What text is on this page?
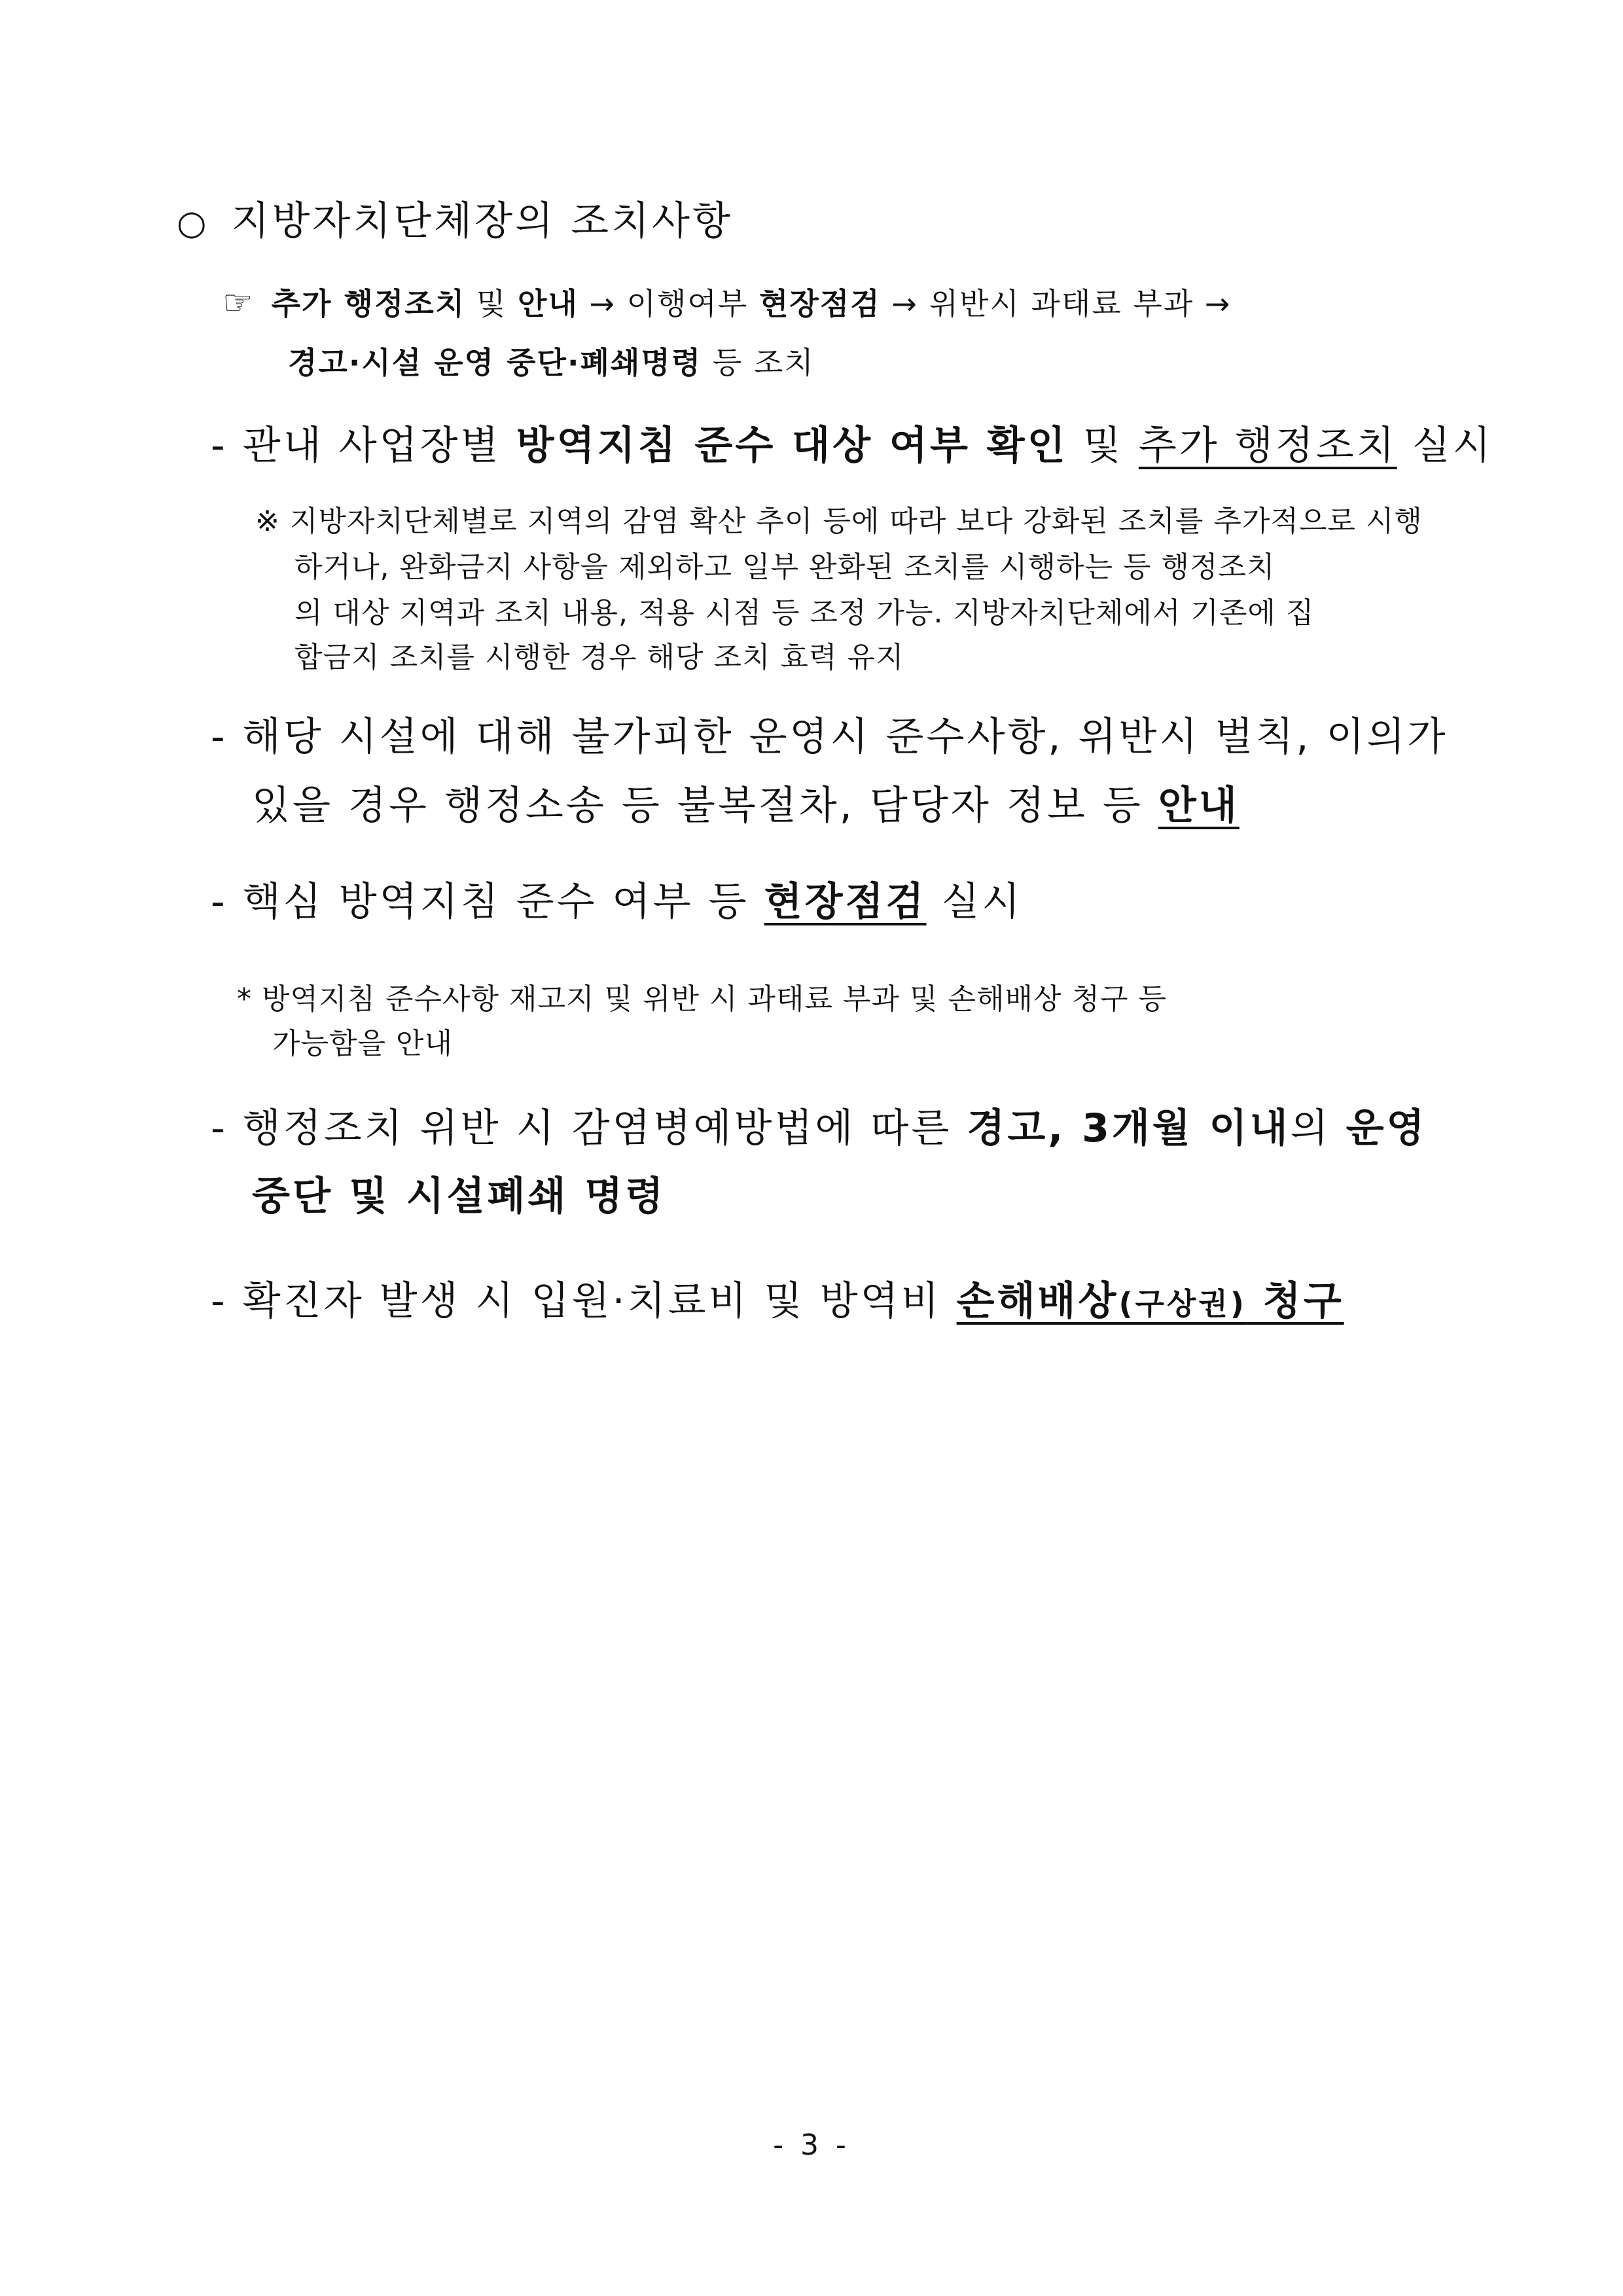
○ 지방자치단체장의 조치사항
☞ 추가 행정조치 및 안내 → 이행여부 현장점검 → 위반시 과태료 부과 →
경고·시설 운영 중단·폐쇄명령 등 조치
- 관내 사업장별 방역지침 준수 대상 여부 확인 및 추가 행정조치 실시
※ 지방자치단체별로 지역의 감염 확산 추이 등에 따라 보다 강화된 조치를 추가적으로 시행
하거나, 완화금지 사항을 제외하고 일부 완화된 조치를 시행하는 등 행정조치
의 대상 지역과 조치 내용, 적용 시점 등 조정 가능. 지방자치단체에서 기존에 집
합금지 조치를 시행한 경우 해당 조치 효력 유지
- 해당 시설에 대해 불가피한 운영시 준수사항, 위반시 벌칙, 이의가
있을 경우 행정소송 등 불복절차, 담당자 정보 등 안내
- 핵심 방역지침 준수 여부 등 현장점검 실시
* 방역지침 준수사항 재고지 및 위반 시 과태료 부과 및 손해배상 청구 등
가능함을 안내
- 행정조치 위반 시 감염병예방법에 따른 경고, 3개월 이내의 운영
중단 및 시설폐쇄 명령
- 확진자 발생 시 입원·치료비 및 방역비 손해배상(구상권) 청구
- 3 -
